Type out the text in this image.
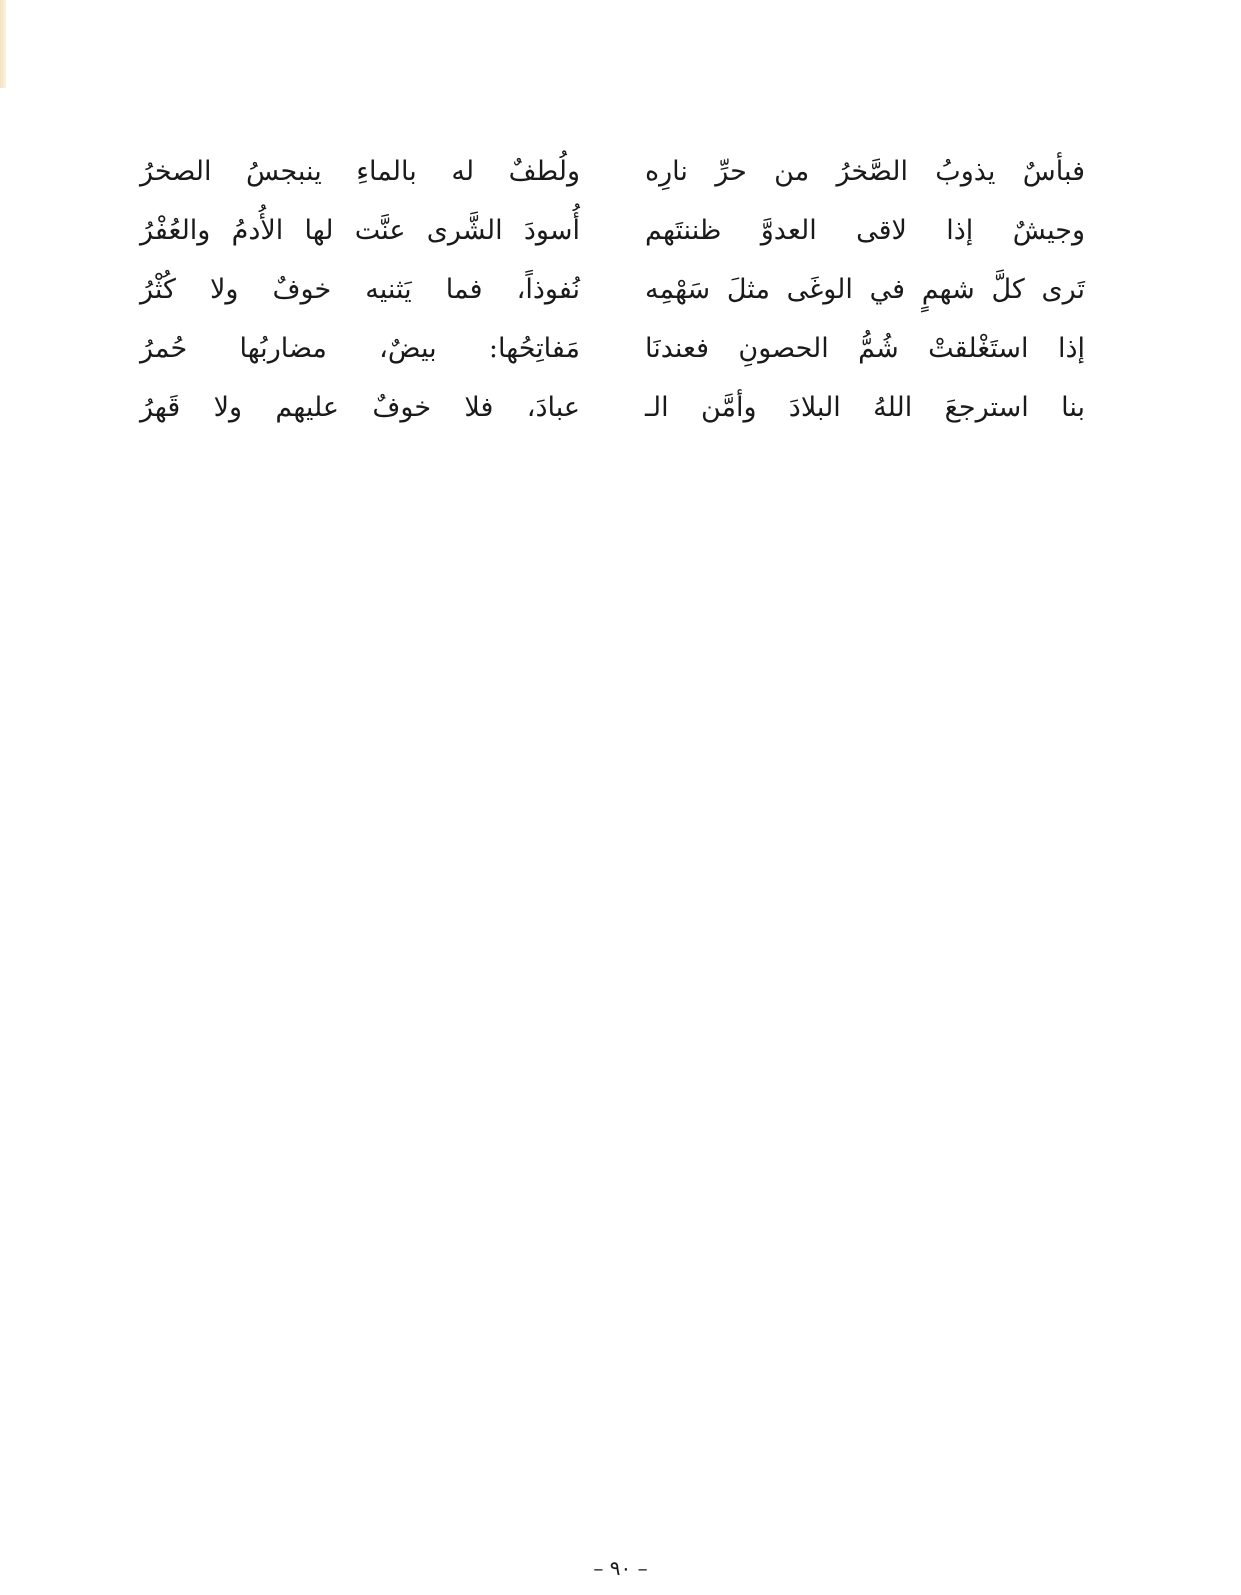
فبأسٌ يذوبُ الصَّخرُ من حرِّ نارِه
ولُطفٌ له بالماءِ ينبجسُ الصخرُ
وجيشٌ إذا لاقى العدوَّ ظننتَهم
أُسودَ الشَّرى عنَّت لها الأُدمُ والعُفْرُ
تَرى كلَّ شهمٍ في الوغَى مثلَ سَهْمِه
نُفوذاً، فما يَثنيه خوفٌ ولا كُثْرُ
إذا استَغْلقتْ شُمُّ الحصونِ فعندنَا
مَفاتِحُها: بيضٌ، مضاربُها حُمرُ
بنا استرجعَ اللهُ البلادَ وأمَّن الـ
عبادَ، فلا خوفٌ عليهم ولا قَهرُ
– ٩٠ –
